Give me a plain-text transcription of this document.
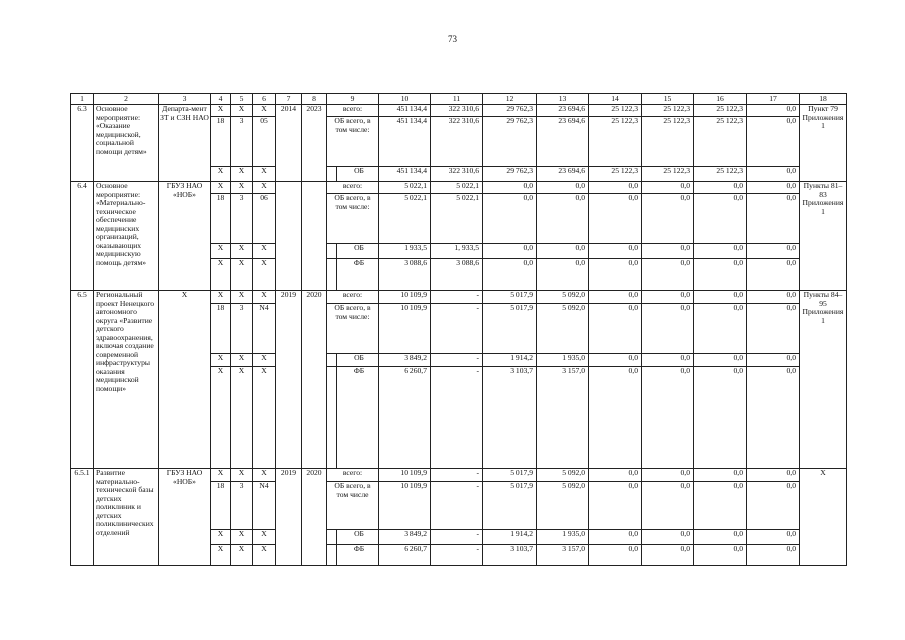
73
1	2	3	4	5	6	7	8	9	10	11	12	13	14	15	16	17	18
6.3	Основное мероприятие: «Оказание медицинской, социальной помощи детям»	Департа-мент ЗТ и СЗН НАО	Х	Х	Х	2014	2023	всего:	451 134,4	322 310,6	29 762,3	23 694,6	25 122,3	25 122,3	25 122,3	0,0	Пункт 79 Приложения 1
			18	3	05			ОБ всего, в том числе:	451 134,4	322 310,6	29 762,3	23 694,6	25 122,3	25 122,3	25 122,3	0,0	
			Х	Х	Х			ОБ	451 134,4	322 310,6	29 762,3	23 694,6	25 122,3	25 122,3	25 122,3	0,0	
6.4	Основное мероприятие: «Материально-техническое обеспечение медицинских организаций, оказывающих медицинскую помощь детям»	ГБУЗ НАО «НОБ»	Х	Х	Х			всего:	5 022,1	5 022,1	0,0	0,0	0,0	0,0	0,0	0,0	Пункты 81–83 Приложения 1
			18	3	06			ОБ всего, в том числе:	5 022,1	5 022,1	0,0	0,0	0,0	0,0	0,0	0,0	
			Х	Х	Х			ОБ	1 933,5	1, 933,5	0,0	0,0	0,0	0,0	0,0	0,0	
			Х	Х	Х			ФБ	3 088,6	3 088,6	0,0	0,0	0,0	0,0	0,0	0,0	
6.5	Региональный проект Ненецкого автономного округа «Развитие детского здравоохранения, включая создание современной инфраструктуры оказания медицинской помощи»	Х	Х	Х	Х	2019	2020	всего:	10 109,9	-	5 017,9	5 092,0	0,0	0,0	0,0	0,0	Пункты 84–95 Приложения 1
			18	3	N4			ОБ всего, в том числе:	10 109,9	-	5 017,9	5 092,0	0,0	0,0	0,0	0,0	
			Х	Х	Х			ОБ	3 849,2	-	1 914,2	1 935,0	0,0	0,0	0,0	0,0	
			Х	Х	Х			ФБ	6 260,7	-	3 103,7	3 157,0	0,0	0,0	0,0	0,0	
6.5.1	Развитие материально-технической базы детских поликлиник и детских поликлинических отделений	ГБУЗ НАО «НОБ»	Х	Х	Х	2019	2020	всего:	10 109,9	-	5 017,9	5 092,0	0,0	0,0	0,0	0,0	Х
			18	3	N4			ОБ всего, в том числе	10 109,9	-	5 017,9	5 092,0	0,0	0,0	0,0	0,0	
			Х	Х	Х			ОБ	3 849,2	-	1 914,2	1 935,0	0,0	0,0	0,0	0,0	
			Х	Х	Х			ФБ	6 260,7	-	3 103,7	3 157,0	0,0	0,0	0,0	0,0	
